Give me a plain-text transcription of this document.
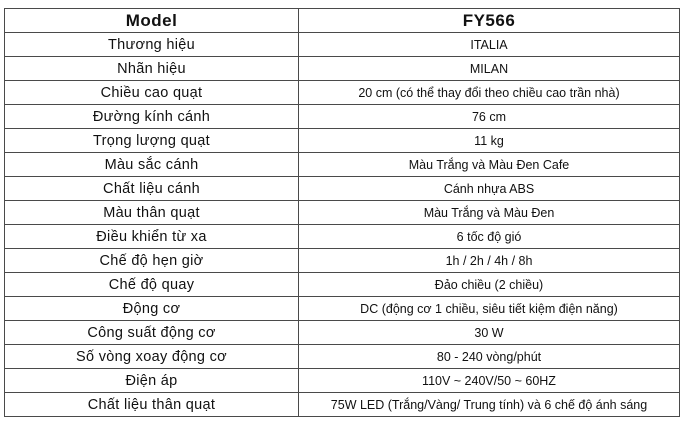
Model	FY566
Thương hiệu	ITALIA
Nhãn hiệu	MILAN
Chiều cao quạt	20 cm (có thể thay đổi theo chiều cao trần nhà)
Đường kính cánh	76 cm
Trọng lượng quạt	11 kg
Màu sắc cánh	Màu Trắng và Màu Đen Cafe
Chất liệu cánh	Cánh nhựa ABS
Màu thân quạt	Màu Trắng và Màu Đen
Điều khiển từ xa	6 tốc độ gió
Chế độ hẹn giờ	1h / 2h / 4h / 8h
Chế độ quay	Đảo chiều (2 chiều)
Động cơ	DC (động cơ 1 chiều, siêu tiết kiệm điện năng)
Công suất động cơ	30 W
Số vòng xoay động cơ	80 - 240 vòng/phút
Điện áp	110V ~ 240V/50 ~ 60HZ
Chất liệu thân quạt	75W LED (Trắng/Vàng/ Trung tính) và 6 chế độ ánh sáng
